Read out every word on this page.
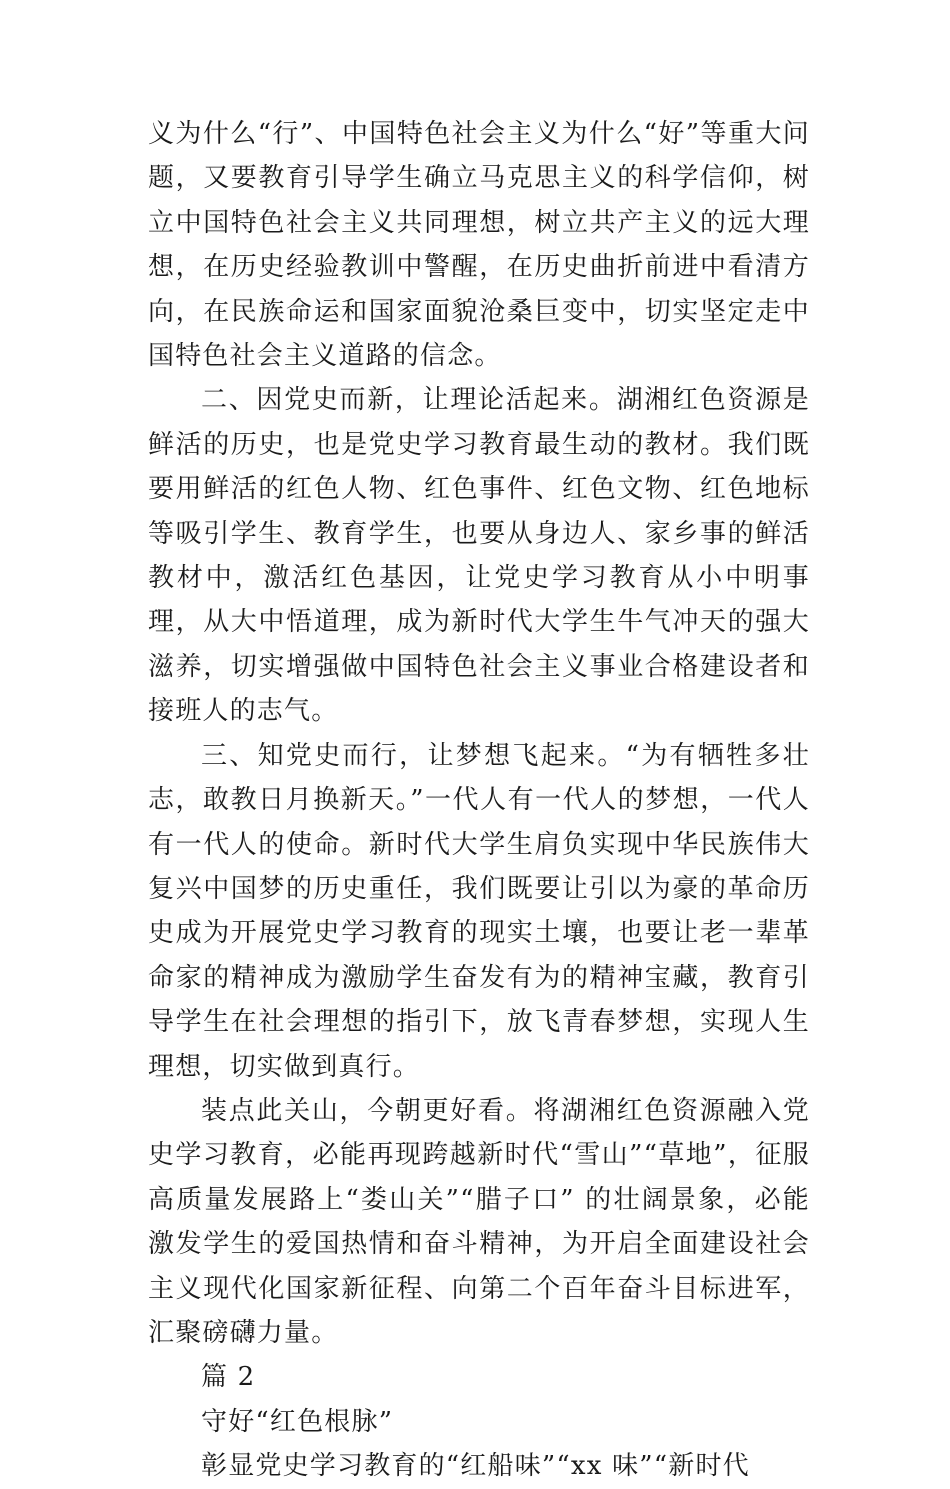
义为什么“行”、中国特色社会主义为什么“好”等重大问题，又要教育引导学生确立马克思主义的科学信仰，树立中国特色社会主义共同理想，树立共产主义的远大理想，在历史经验教训中警醒，在历史曲折前进中看清方向，在民族命运和国家面貌沧桑巨变中，切实坚定走中国特色社会主义道路的信念。

二、因党史而新，让理论活起来。湖湘红色资源是鲜活的历史，也是党史学习教育最生动的教材。我们既要用鲜活的红色人物、红色事件、红色文物、红色地标等吸引学生、教育学生，也要从身边人、家乡事的鲜活教材中，激活红色基因，让党史学习教育从小中明事理，从大中悟道理，成为新时代大学生牛气冲天的强大滋养，切实增强做中国特色社会主义事业合格建设者和接班人的志气。

三、知党史而行，让梦想飞起来。“为有牺牲多壮志，敢教日月换新天。”一代人有一代人的梦想，一代人有一代人的使命。新时代大学生肩负实现中华民族伟大复兴中国梦的历史重任，我们既要让引以为豪的革命历史成为开展党史学习教育的现实土壤，也要让老一辈革命家的精神成为激励学生奋发有为的精神宝藏，教育引导学生在社会理想的指引下，放飞青春梦想，实现人生理想，切实做到真行。

装点此关山，今朝更好看。将湖湘红色资源融入党史学习教育，必能再现跨越新时代“雪山”“草地”，征服高质量发展路上“娄山关”“腊子口” 的壮阔景象，必能激发学生的爱国热情和奋斗精神，为开启全面建设社会主义现代化国家新征程、向第二个百年奋斗目标进军，汇聚磅礴力量。

篇 2

守好“红色根脉”

彰显党史学习教育的“红船味”“xx 味”“新时代
